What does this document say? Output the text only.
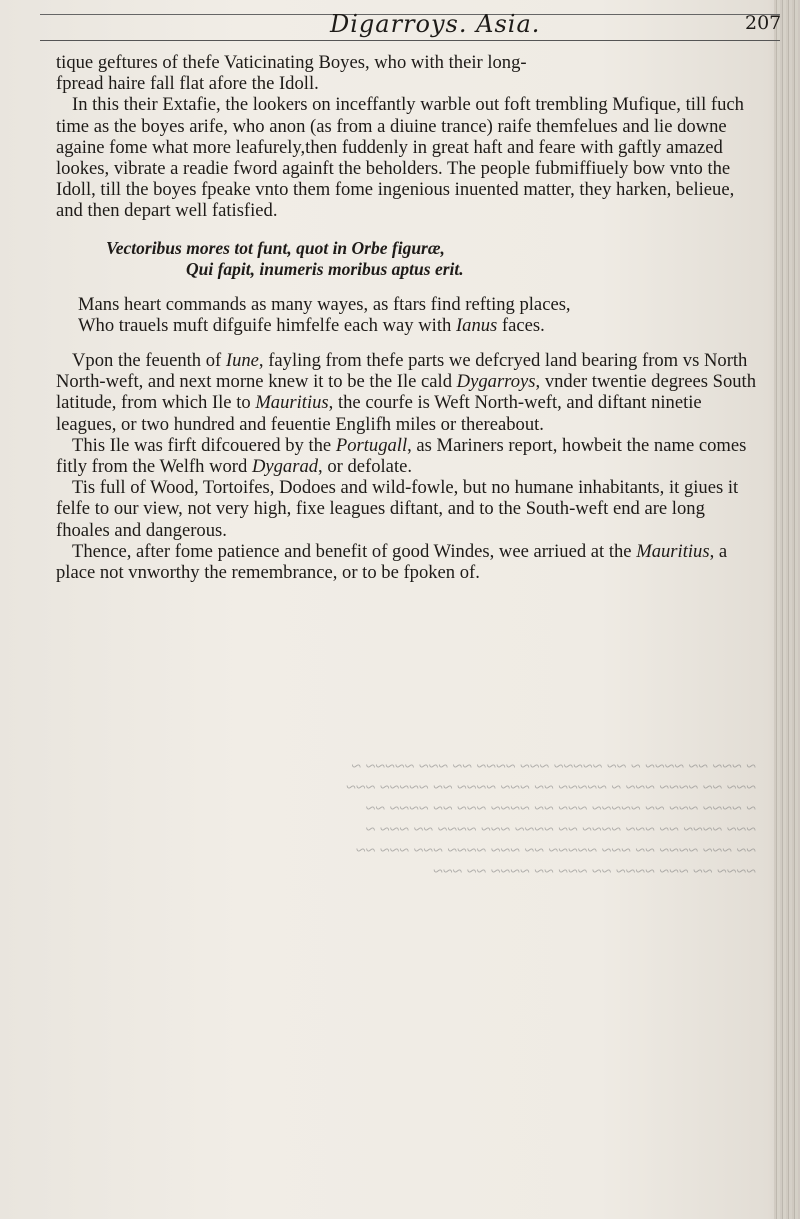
Digarroys. Asia.	207

tique geftures of thefe Vaticinating Boyes, who with their long-
fpread haire fall flat afore the Idoll.

In this their Extafie, the lookers on inceffantly warble out foft trembling Mufique, till fuch time as the boyes arife, who anon (as from a diuine trance) raife themfelues and lie downe againe fome what more leafurely,then fuddenly in great haft and feare with gaftly amazed lookes, vibrate a readie fword againft the beholders. The people fubmiffiuely bow vnto the Idoll, till the boyes fpeake vnto them fome ingenious inuented matter, they harken, belieue, and then depart well fatisfied.

Vectoribus mores tot funt, quot in Orbe figuræ,
Qui fapit, inumeris moribus aptus erit.

Mans heart commands as many wayes, as ftars find refting places,
Who trauels muft difguife himfelfe each way with Ianus faces.

Vpon the feuenth of Iune, fayling from thefe parts we defcryed land bearing from vs North North-weft, and next morne knew it to be the Ile cald Dygarroys, vnder twentie degrees South latitude, from which Ile to Mauritius, the courfe is Weft North-weft, and diftant ninetie leagues, or two hundred and feuentie Englifh miles or thereabout.

This Ile was firft difcouered by the Portugall, as Mariners report, howbeit the name comes fitly from the Welfh word Dygarad, or defolate.

Tis full of Wood, Tortoifes, Dodoes and wild-fowle, but no humane inhabitants, it giues it felfe to our view, not very high, fixe leagues diftant, and to the South-weft end are long fhoales and dangerous.

Thence, after fome patience and benefit of good Windes, wee arriued at the Mauritius, a place not vnworthy the remembrance, or to be fpoken of.

~ ~~~ ~~ ~~~~ ~ ~~ ~~~~~ ~~~ ~~~~ ~~ ~~~ ~~~~~ ~
~~~ ~~ ~~~~ ~~~ ~ ~~~~~ ~~ ~~~ ~~~~ ~~ ~~~~~ ~~~
~ ~~~~ ~~~ ~~ ~~~~~ ~~~ ~~ ~~~~ ~~~ ~~ ~~~~ ~~
~~~ ~~~~ ~~ ~~~ ~~~~ ~~ ~~~~ ~~~ ~~~~ ~~ ~~~ ~
~~ ~~~ ~~~~ ~~ ~~~ ~~~~~ ~~ ~~~ ~~~~ ~~~ ~~~ ~~
~~~~ ~~ ~~~ ~~~~ ~~ ~~~ ~~ ~~~~ ~~ ~~~
